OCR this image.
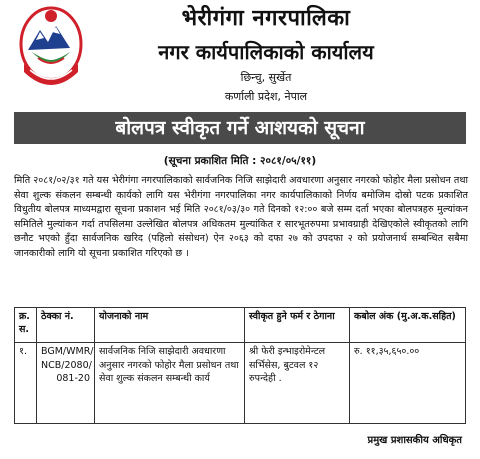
भेरीगंगा नगरपालिका
नगर कार्यपालिकाको कार्यालय
छिन्चु, सुर्खेत
कर्णाली प्रदेश, नेपाल
बोलपत्र स्वीकृत गर्ने आशयको सूचना
(सूचना प्रकाशित मिति : २०८१/०५/११)
मिति २०८१/०२/३१ गते यस भेरीगंगा नगरपालिकाको सार्वजनिक निजि साझेदारी अवधारणा अनुसार नगरको फोहोर मैला प्रसोधन तथा सेवा शुल्क संकलन सम्बन्धी कार्यको लागि यस भेरीगंगा नगरपालिका नगर कार्यपालिकाको निर्णय बमोजिम दोस्रो पटक प्रकाशित विधुतीय बोलपत्र माध्यमद्वारा सूचना प्रकाशन भई मिति २०८१/०३/३० गते दिनको १२:०० बजे सम्म दर्ता भएका बोलपत्रहरु मुल्यांकन समितिले मुल्यांकन गर्दा तपसिलमा उल्लेखित बोलपत्र अधिकतम मुल्यांकित र सारभूतरुपमा प्रभावग्राही देखिएकोले स्वीकृतको लागि छनौट भएको हुँदा सार्वजनिक खरिद (पहिलो संसोधन) ऐन २०६३ को दफा २७ को उपदफा २ को प्रयोजनार्थ सम्बन्धित सबैमा जानकारीको लागि यो सूचना प्रकाशित गरिएको छ ।
क्र. स.	ठेक्का नं.	योजनाको नाम	स्वीकृत हुने फर्म र ठेगाना	कबोल अंक (मु.अ.क.सहित)
१.	BGM/WMR/ NCB/2080/ 081-20	सार्वजनिक निजि साझेदारी अवधारणा अनुसार नगरको फोहोर मैला प्रसोधन तथा सेवा शुल्क संकलन सम्बन्धी कार्य	श्री फेरी इन्भाइरोमेन्टल सर्भिसेस, बुटवल १२ रुपन्देही .	रु. ११,३५,६५०.००
प्रमुख प्रशासकीय अधिकृत
